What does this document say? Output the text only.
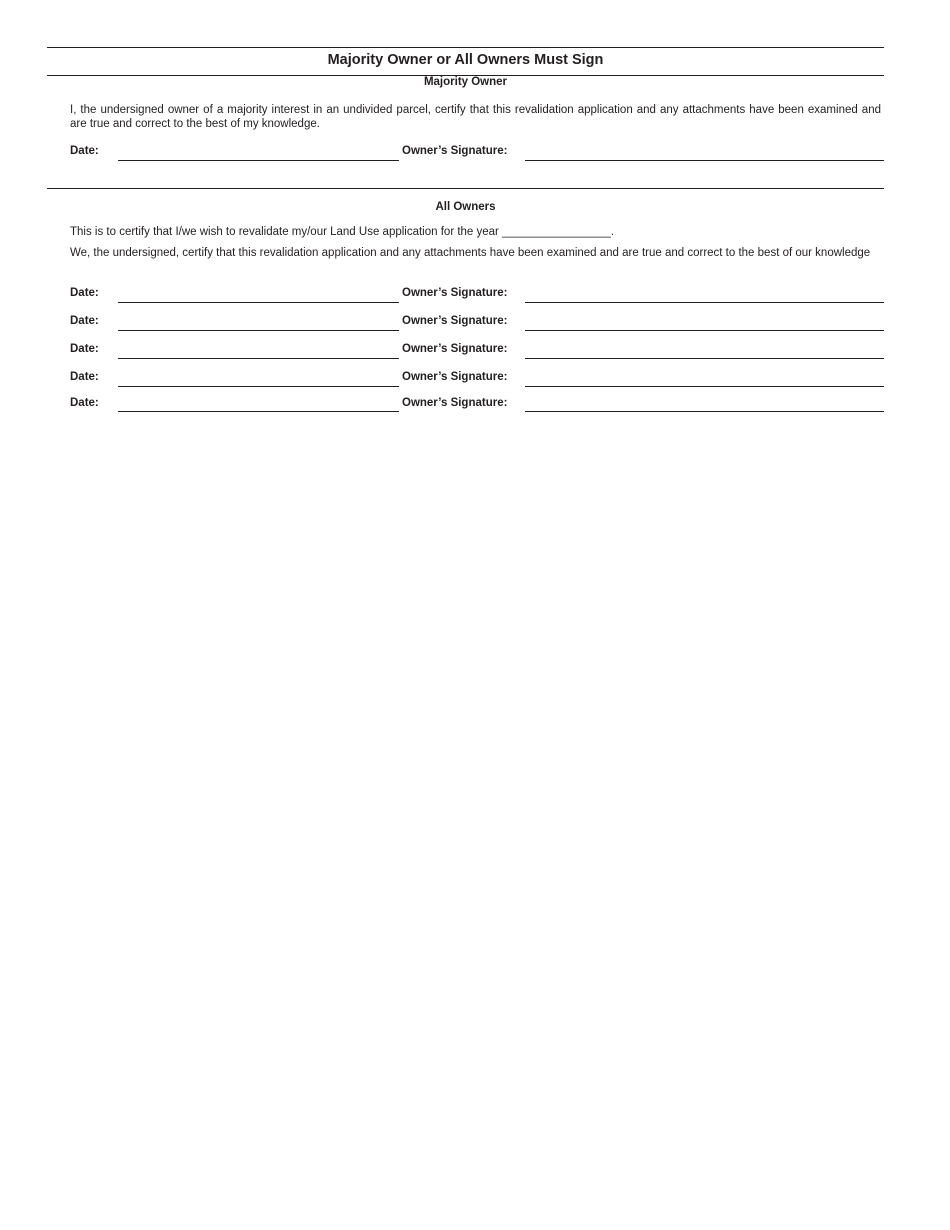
Majority Owner or All Owners Must Sign
Majority Owner
I, the undersigned owner of a majority interest in an undivided parcel, certify that this revalidation application and any attachments have been examined and are true and correct to the best of my knowledge.
Date:	Owner’s Signature:
All Owners
This is to certify that I/we wish to revalidate my/our Land Use application for the year _________________.
We, the undersigned, certify that this revalidation application and any attachments have been examined and are true and correct to the best of our knowledge
Date:	Owner’s Signature:
Date:	Owner’s Signature:
Date:	Owner’s Signature:
Date:	Owner’s Signature:
Date:	Owner’s Signature:
